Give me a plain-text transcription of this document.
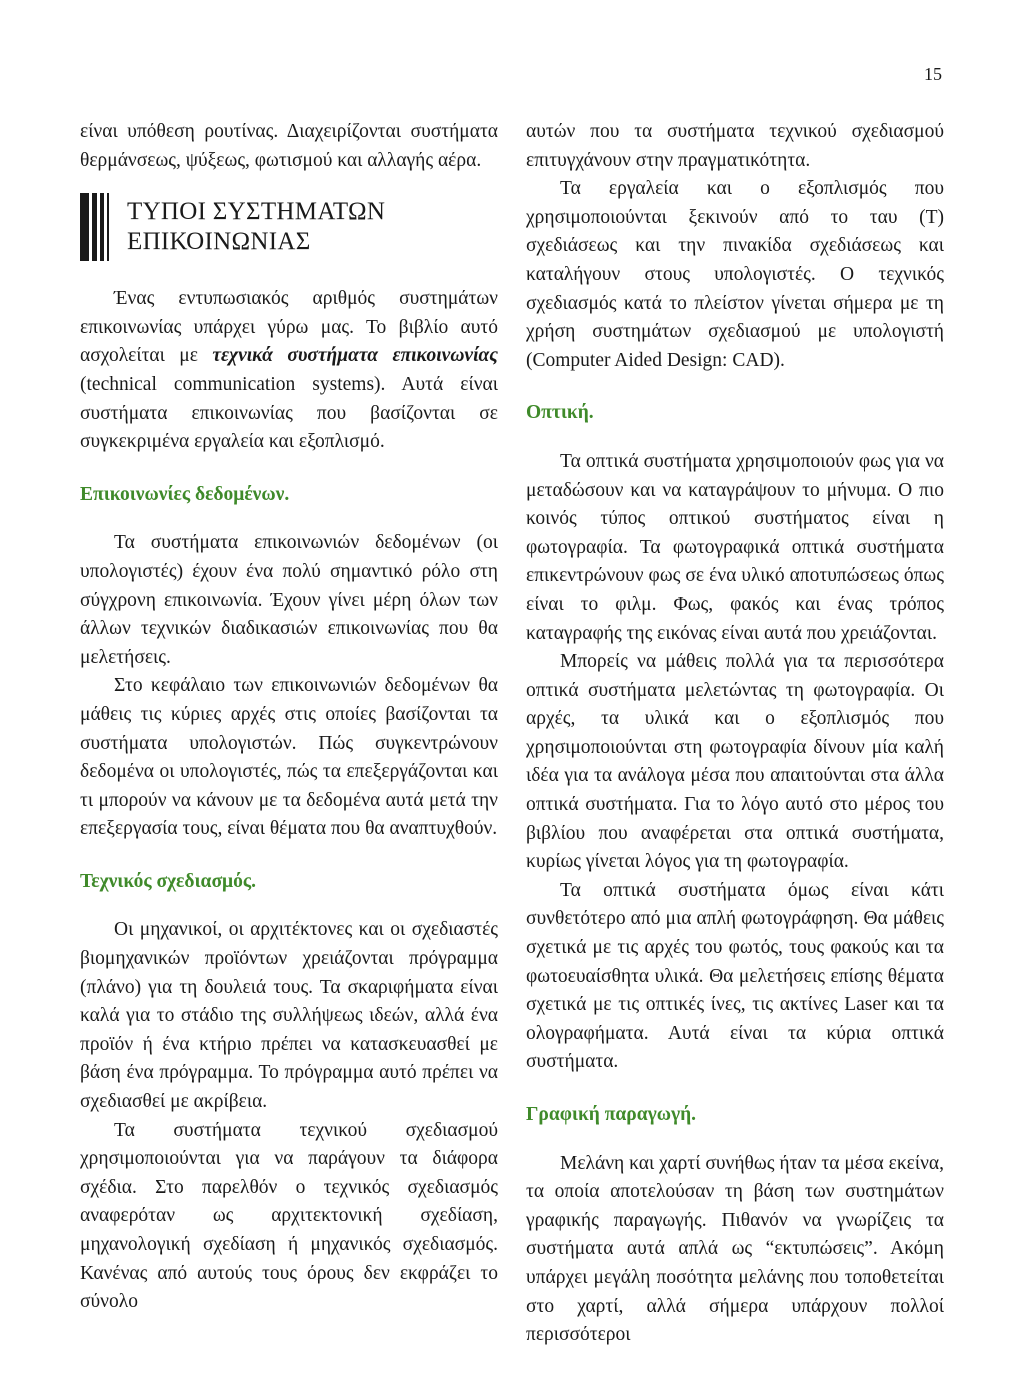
15

είναι υπόθεση ρουτίνας. Διαχειρίζονται συστήματα θερμάνσεως, ψύξεως, φωτισμού και αλλαγής αέρα.

ΤΥΠΟΙ ΣΥΣΤΗΜΑΤΩΝ
ΕΠΙΚΟΙΝΩΝΙΑΣ

Ένας εντυπωσιακός αριθμός συστημάτων επικοινωνίας υπάρχει γύρω μας. Το βιβλίο αυτό ασχολείται με τεχνικά συστήματα επικοινωνίας (technical communication systems). Αυτά είναι συστήματα επικοινωνίας που βασίζονται σε συγκεκριμένα εργαλεία και εξοπλισμό.

Επικοινωνίες δεδομένων.

Τα συστήματα επικοινωνιών δεδομένων (οι υπολογιστές) έχουν ένα πολύ σημαντικό ρόλο στη σύγχρονη επικοινωνία. Έχουν γίνει μέρη όλων των άλλων τεχνικών διαδικασιών επικοινωνίας που θα μελετήσεις.

Στο κεφάλαιο των επικοινωνιών δεδομένων θα μάθεις τις κύριες αρχές στις οποίες βασίζονται τα συστήματα υπολογιστών. Πώς συγκεντρώνουν δεδομένα οι υπολογιστές, πώς τα επεξεργάζονται και τι μπορούν να κάνουν με τα δεδομένα αυτά μετά την επεξεργασία τους, είναι θέματα που θα αναπτυχθούν.

Τεχνικός σχεδιασμός.

Οι μηχανικοί, οι αρχιτέκτονες και οι σχεδιαστές βιομηχανικών προϊόντων χρειάζονται πρόγραμμα (πλάνο) για τη δουλειά τους. Τα σκαριφήματα είναι καλά για το στάδιο της συλλήψεως ιδεών, αλλά ένα προϊόν ή ένα κτήριο πρέπει να κατασκευασθεί με βάση ένα πρόγραμμα. Το πρόγραμμα αυτό πρέπει να σχεδιασθεί με ακρίβεια.

Τα συστήματα τεχνικού σχεδιασμού χρησιμοποιούνται για να παράγουν τα διάφορα σχέδια. Στο παρελθόν ο τεχνικός σχεδιασμός αναφερόταν ως αρχιτεκτονική σχεδίαση, μηχανολογική σχεδίαση ή μηχανικός σχεδιασμός. Κανένας από αυτούς τους όρους δεν εκφράζει το σύνολο

αυτών που τα συστήματα τεχνικού σχεδιασμού επιτυγχάνουν στην πραγματικότητα.

Τα εργαλεία και ο εξοπλισμός που χρησιμοποιούνται ξεκινούν από το ταυ (Τ) σχεδιάσεως και την πινακίδα σχεδιάσεως και καταλήγουν στους υπολογιστές. Ο τεχνικός σχεδιασμός κατά το πλείστον γίνεται σήμερα με τη χρήση συστημάτων σχεδιασμού με υπολογιστή (Computer Aided Design: CAD).

Οπτική.

Τα οπτικά συστήματα χρησιμοποιούν φως για να μεταδώσουν και να καταγράψουν το μήνυμα. Ο πιο κοινός τύπος οπτικού συστήματος είναι η φωτογραφία. Τα φωτογραφικά οπτικά συστήματα επικεντρώνουν φως σε ένα υλικό αποτυπώσεως όπως είναι το φιλμ. Φως, φακός και ένας τρόπος καταγραφής της εικόνας είναι αυτά που χρειάζονται.

Μπορείς να μάθεις πολλά για τα περισσότερα οπτικά συστήματα μελετώντας τη φωτογραφία. Οι αρχές, τα υλικά και ο εξοπλισμός που χρησιμοποιούνται στη φωτογραφία δίνουν μία καλή ιδέα για τα ανάλογα μέσα που απαιτούνται στα άλλα οπτικά συστήματα. Για το λόγο αυτό στο μέρος του βιβλίου που αναφέρεται στα οπτικά συστήματα, κυρίως γίνεται λόγος για τη φωτογραφία.

Τα οπτικά συστήματα όμως είναι κάτι συνθετότερο από μια απλή φωτογράφηση. Θα μάθεις σχετικά με τις αρχές του φωτός, τους φακούς και τα φωτοευαίσθητα υλικά. Θα μελετήσεις επίσης θέματα σχετικά με τις οπτικές ίνες, τις ακτίνες Laser και τα ολογραφήματα. Αυτά είναι τα κύρια οπτικά συστήματα.

Γραφική παραγωγή.

Μελάνη και χαρτί συνήθως ήταν τα μέσα εκείνα, τα οποία αποτελούσαν τη βάση των συστημάτων γραφικής παραγωγής. Πιθανόν να γνωρίζεις τα συστήματα αυτά απλά ως “εκτυπώσεις”. Ακόμη υπάρχει μεγάλη ποσότητα μελάνης που τοποθετείται στο χαρτί, αλλά σήμερα υπάρχουν πολλοί περισσότεροι
